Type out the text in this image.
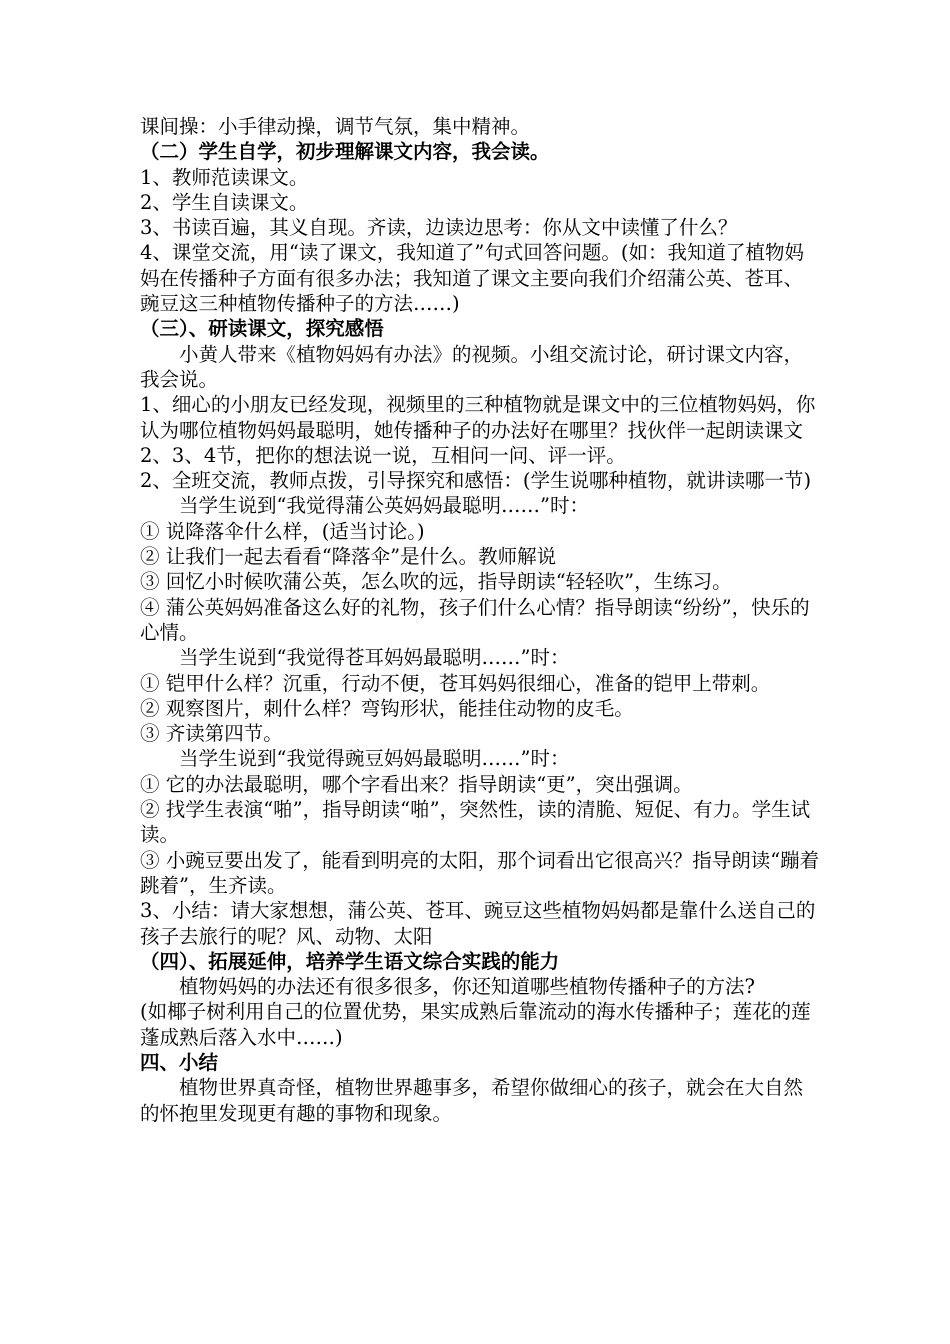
课间操：小手律动操，调节气氛，集中精神。

（二）学生自学，初步理解课文内容，我会读。

1、教师范读课文。

2、学生自读课文。

3、书读百遍，其义自现。齐读，边读边思考：你从文中读懂了什么？

4、课堂交流，用“读了课文，我知道了”句式回答问题。(如：我知道了植物妈妈在传播种子方面有很多办法；我知道了课文主要向我们介绍蒲公英、苍耳、豌豆这三种植物传播种子的方法……)

（三）、研读课文，探究感悟

小黄人带来《植物妈妈有办法》的视频。小组交流讨论，研讨课文内容，我会说。

1、细心的小朋友已经发现，视频里的三种植物就是课文中的三位植物妈妈，你认为哪位植物妈妈最聪明，她传播种子的办法好在哪里？找伙伴一起朗读课文2、3、4节，把你的想法说一说，互相问一问、评一评。

2、全班交流，教师点拨，引导探究和感悟：(学生说哪种植物，就讲读哪一节)

当学生说到“我觉得蒲公英妈妈最聪明……”时：

① 说降落伞什么样，(适当讨论。)

② 让我们一起去看看“降落伞”是什么。教师解说

③ 回忆小时候吹蒲公英，怎么吹的远，指导朗读“轻轻吹”，生练习。

④ 蒲公英妈妈准备这么好的礼物，孩子们什么心情？指导朗读“纷纷”，快乐的心情。

当学生说到“我觉得苍耳妈妈最聪明……”时：

① 铠甲什么样？沉重，行动不便，苍耳妈妈很细心，准备的铠甲上带刺。

② 观察图片，刺什么样？弯钩形状，能挂住动物的皮毛。

③ 齐读第四节。

当学生说到“我觉得豌豆妈妈最聪明……”时：

① 它的办法最聪明，哪个字看出来？指导朗读“更”，突出强调。

② 找学生表演“啪”，指导朗读“啪”，突然性，读的清脆、短促、有力。学生试读。

③ 小豌豆要出发了，能看到明亮的太阳，那个词看出它很高兴？指导朗读“蹦着跳着”，生齐读。

3、小结：请大家想想，蒲公英、苍耳、豌豆这些植物妈妈都是靠什么送自己的孩子去旅行的呢？风、动物、太阳

（四）、拓展延伸，培养学生语文综合实践的能力

植物妈妈的办法还有很多很多，你还知道哪些植物传播种子的方法?

(如椰子树利用自己的位置优势，果实成熟后靠流动的海水传播种子；莲花的莲蓬成熟后落入水中……)

四、小结

植物世界真奇怪，植物世界趣事多，希望你做细心的孩子，就会在大自然的怀抱里发现更有趣的事物和现象。
